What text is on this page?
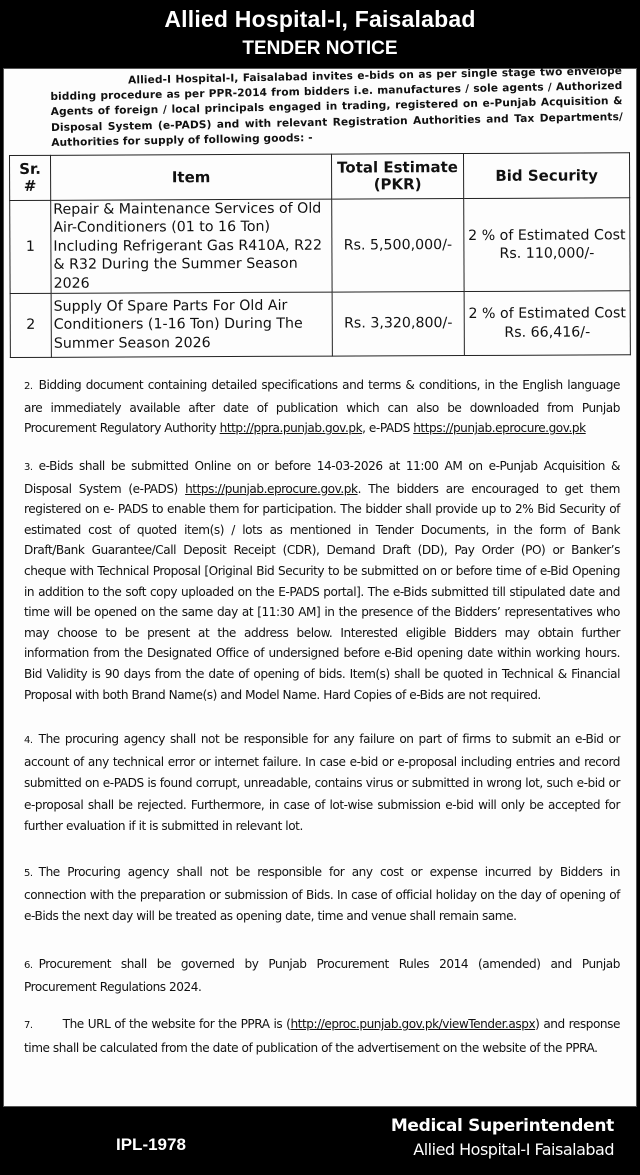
Allied Hospital-I, Faisalabad
TENDER NOTICE
Allied-I Hospital-I, Faisalabad invites e-bids on as per single stage two envelope bidding procedure as per PPR-2014 from bidders i.e. manufactures / sole agents / Authorized Agents of foreign / local principals engaged in trading, registered on e-Punjab Acquisition & Disposal System (e-PADS) and with relevant Registration Authorities and Tax Departments/ Authorities for supply of following goods: -
Sr. #	Item	Total Estimate (PKR)	Bid Security
1	Repair & Maintenance Services of Old Air-Conditioners (01 to 16 Ton) Including Refrigerant Gas R410A, R22 & R32 During the Summer Season 2026	Rs. 5,500,000/-	2 % of Estimated Cost
Rs. 110,000/-

2	Supply Of Spare Parts For Old Air Conditioners (1-16 Ton) During The Summer Season 2026	Rs. 3,320,800/-	2 % of Estimated Cost
Rs. 66,416/-
2. Bidding document containing detailed specifications and terms & conditions, in the English language are immediately available after date of publication which can also be downloaded from Punjab Procurement Regulatory Authority http://ppra.punjab.gov.pk, e-PADS https://punjab.eprocure.gov.pk
3. e-Bids shall be submitted Online on or before 14-03-2026 at 11:00 AM on e-Punjab Acquisition & Disposal System (e-PADS) https://punjab.eprocure.gov.pk. The bidders are encouraged to get them registered on e- PADS to enable them for participation. The bidder shall provide up to 2% Bid Security of estimated cost of quoted item(s) / lots as mentioned in Tender Documents, in the form of Bank Draft/Bank Guarantee/Call Deposit Receipt (CDR), Demand Draft (DD), Pay Order (PO) or Banker’s cheque with Technical Proposal [Original Bid Security to be submitted on or before time of e-Bid Opening in addition to the soft copy uploaded on the E-PADS portal]. The e-Bids submitted till stipulated date and time will be opened on the same day at [11:30 AM] in the presence of the Bidders’ representatives who may choose to be present at the address below. Interested eligible Bidders may obtain further information from the Designated Office of undersigned before e-Bid opening date within working hours. Bid Validity is 90 days from the date of opening of bids. Item(s) shall be quoted in Technical & Financial Proposal with both Brand Name(s) and Model Name. Hard Copies of e-Bids are not required.
4. The procuring agency shall not be responsible for any failure on part of firms to submit an e-Bid or account of any technical error or internet failure. In case e-bid or e-proposal including entries and record submitted on e-PADS is found corrupt, unreadable, contains virus or submitted in wrong lot, such e-bid or e-proposal shall be rejected. Furthermore, in case of lot-wise submission e-bid will only be accepted for further evaluation if it is submitted in relevant lot.
5. The Procuring agency shall not be responsible for any cost or expense incurred by Bidders in connection with the preparation or submission of Bids. In case of official holiday on the day of opening of e-Bids the next day will be treated as opening date, time and venue shall remain same.
6. Procurement shall be governed by Punjab Procurement Rules 2014 (amended) and Punjab Procurement Regulations 2024.
7. The URL of the website for the PPRA is (http://eproc.punjab.gov.pk/viewTender.aspx) and response time shall be calculated from the date of publication of the advertisement on the website of the PPRA.
IPL-1978
Medical Superintendent
Allied Hospital-I Faisalabad
